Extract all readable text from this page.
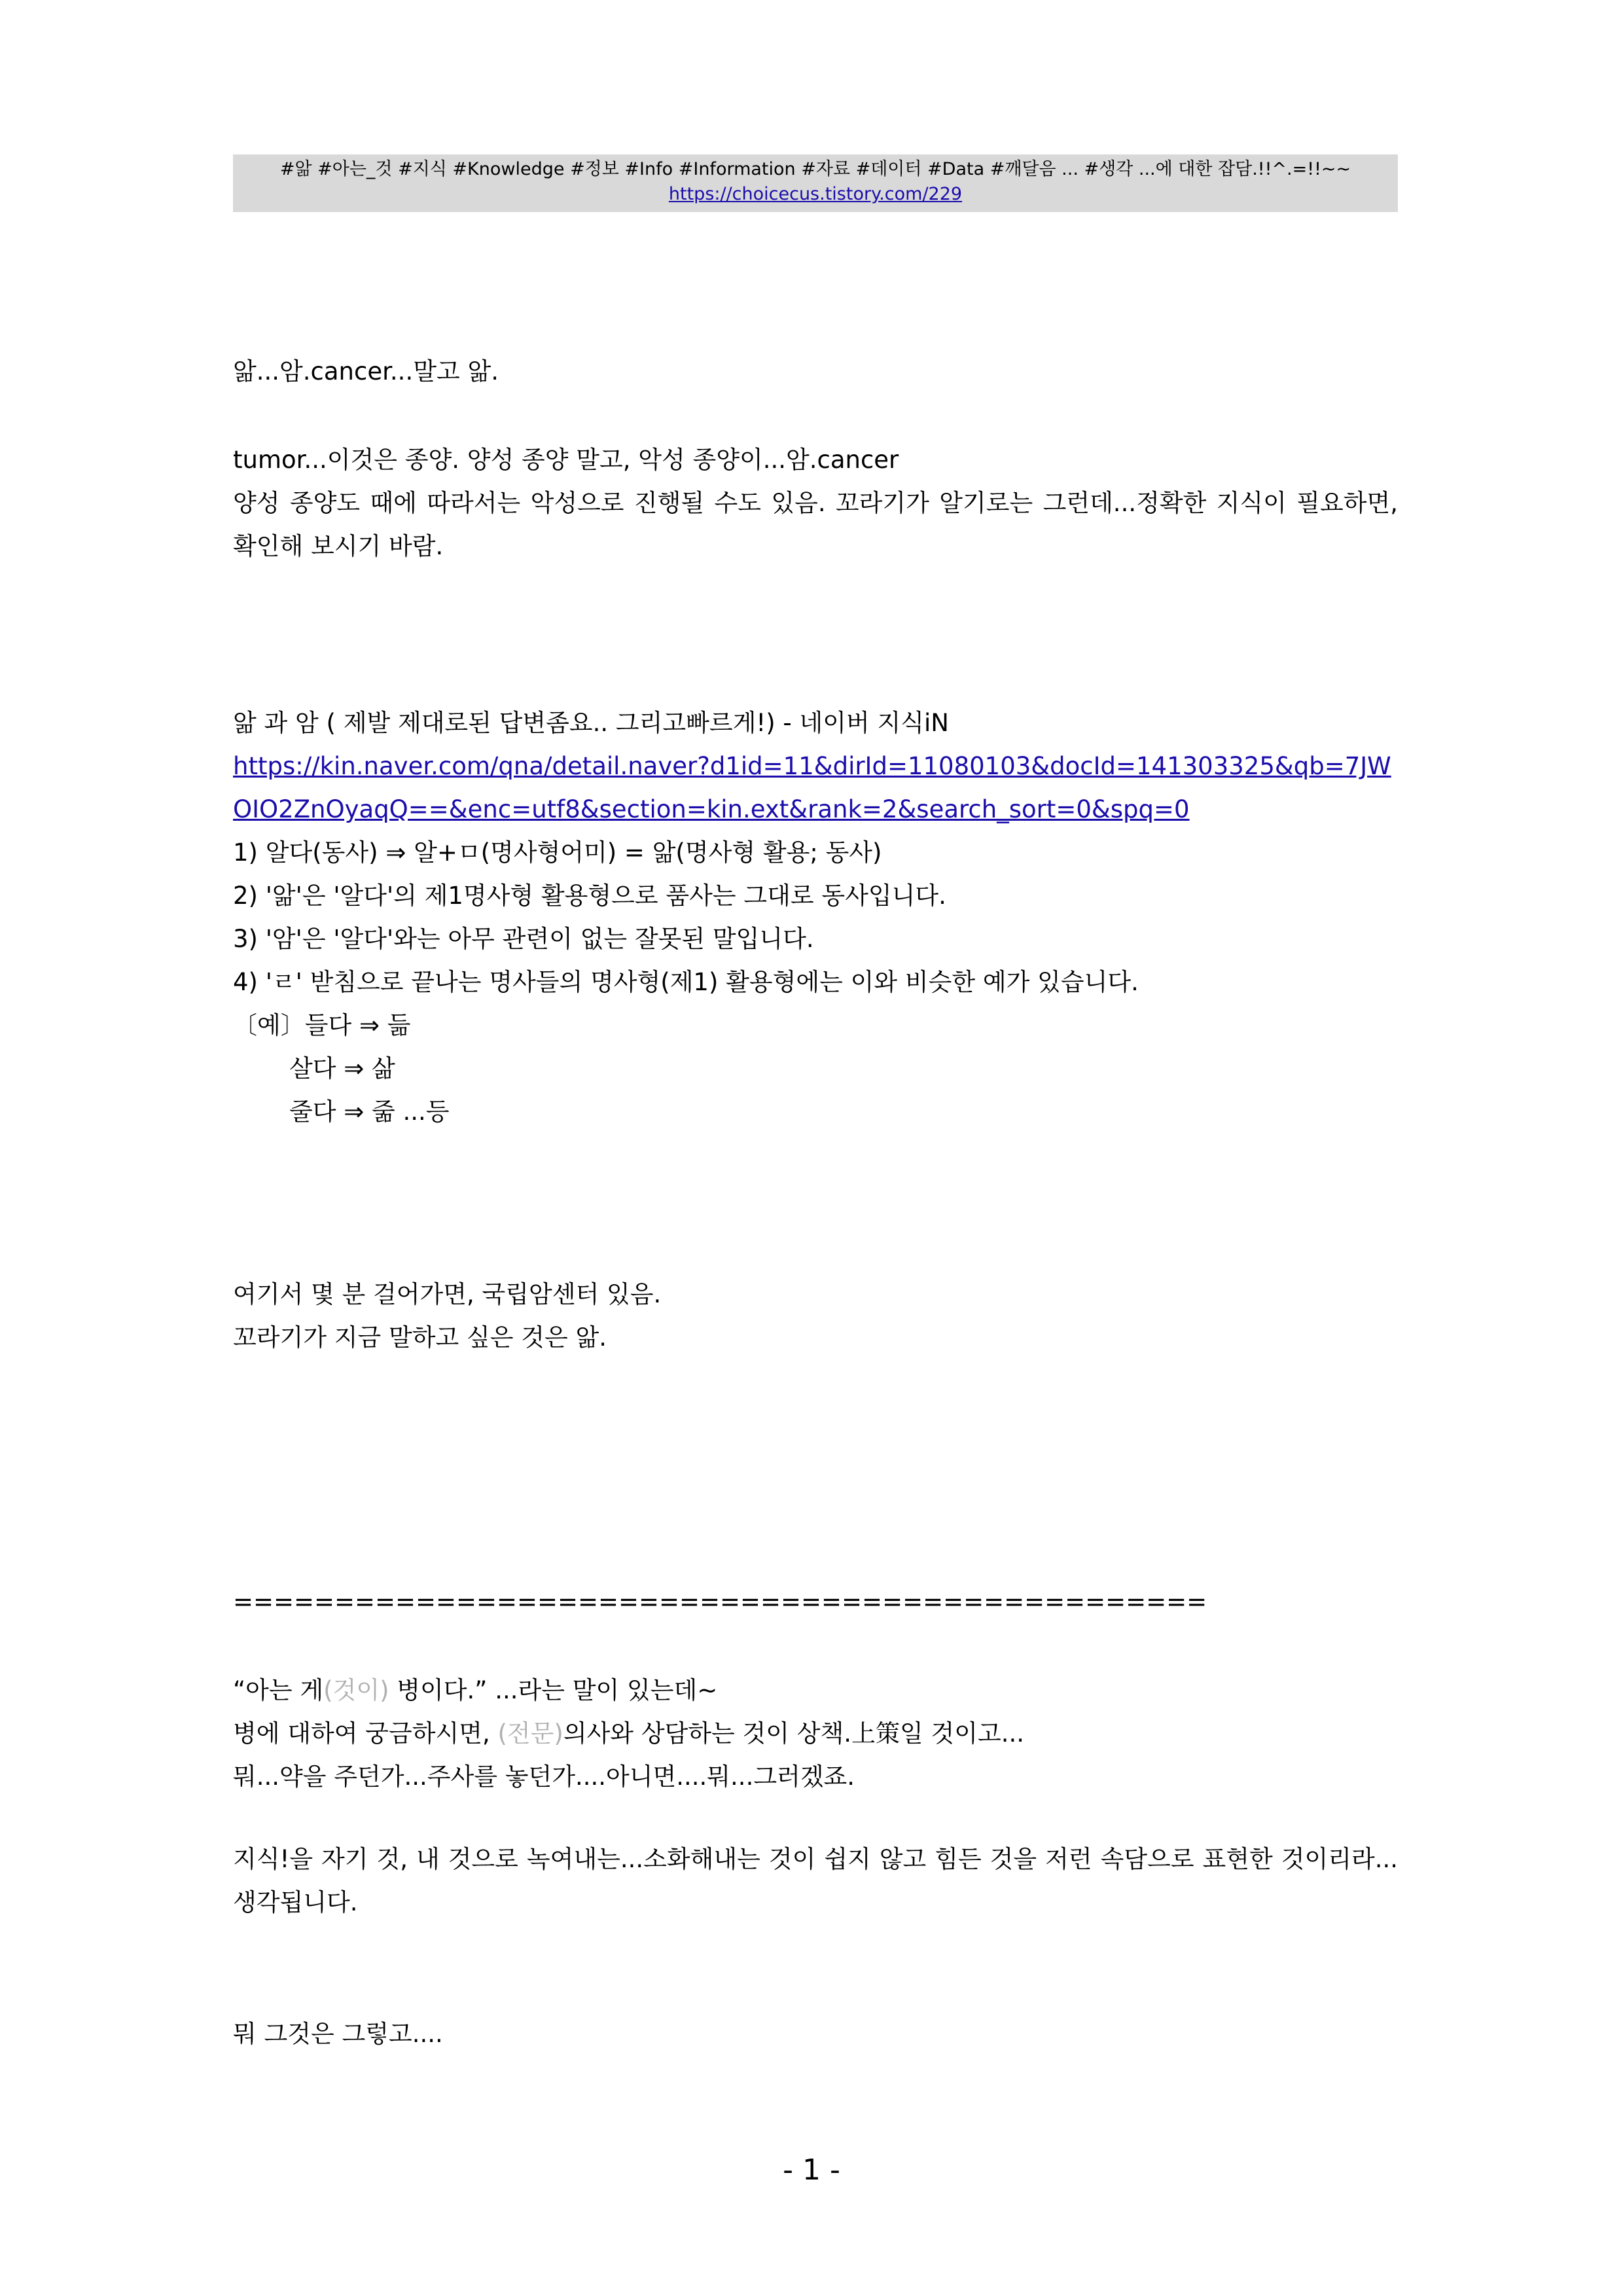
#앎 #아는_것 #지식 #Knowledge #정보 #Info #Information #자료 #데이터 #Data #깨달음 ... #생각 ...에 대한 잡담.!!^.=!!~~
https://choicecus.tistory.com/229
앎...암.cancer...말고 앎.
tumor...이것은 종양. 양성 종양 말고, 악성 종양이...암.cancer
양성 종양도 때에 따라서는 악성으로 진행될 수도 있음. 꼬라기가 알기로는 그런데...정확한 지식이 필요하면, 확인해 보시기 바람.
앎 과 암 ( 제발 제대로된 답변좀요.. 그리고빠르게!) - 네이버 지식iN
https://kin.naver.com/qna/detail.naver?d1id=11&dirId=11080103&docId=141303325&qb=7JWOIO2ZnOyaqQ==&enc=utf8&section=kin.ext&rank=2&search_sort=0&spq=0
1) 알다(동사) ⇒ 알+ㅁ(명사형어미) = 앎(명사형 활용; 동사)
2) '앎'은 '알다'의 제1명사형 활용형으로 품사는 그대로 동사입니다.
3) '암'은 '알다'와는 아무 관련이 없는 잘못된 말입니다.
4) 'ㄹ' 받침으로 끝나는 명사들의 명사형(제1) 활용형에는 이와 비슷한 예가 있습니다.
〔예〕들다 ⇒ 듦
살다 ⇒ 삶
줄다 ⇒ 줆 ...등
여기서 몇 분 걸어가면, 국립암센터 있음.
꼬라기가 지금 말하고 싶은 것은 앎.
================================================
“아는 게(것이) 병이다.” ...라는 말이 있는데~
병에 대하여 궁금하시면, (전문)의사와 상담하는 것이 상책.上策일 것이고...
뭐...약을 주던가...주사를 놓던가....아니면....뭐...그러겠죠.
지식!을 자기 것, 내 것으로 녹여내는...소화해내는 것이 쉽지 않고 힘든 것을 저런 속담으로 표현한 것이리라...생각됩니다.
뭐 그것은 그렇고....
- 1 -
